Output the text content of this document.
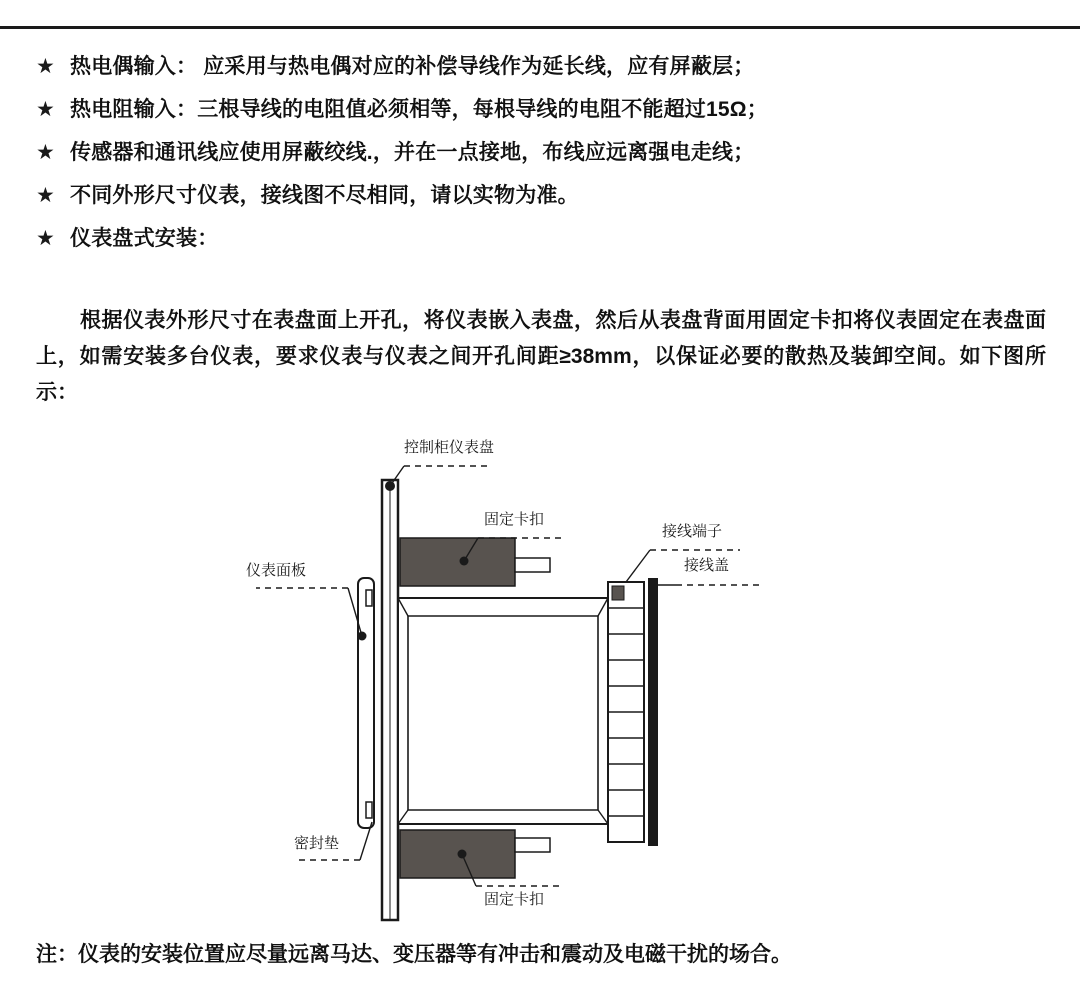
★ 热电偶输入： 应采用与热电偶对应的补偿导线作为延长线，应有屏蔽层；
★ 热电阻输入：三根导线的电阻值必须相等，每根导线的电阻不能超过15Ω；
★ 传感器和通讯线应使用屏蔽绞线.，并在一点接地，布线应远离强电走线；
★ 不同外形尺寸仪表，接线图不尽相同，请以实物为准。
★ 仪表盘式安装：
根据仪表外形尺寸在表盘面上开孔，将仪表嵌入表盘，然后从表盘背面用固定卡扣将仪表固定在表盘面上，如需安装多台仪表，要求仪表与仪表之间开孔间距≥38mm，以保证必要的散热及装卸空间。如下图所示：
控制柜仪表盘
固定卡扣
接线端子
接线盖
仪表面板
密封垫
固定卡扣
注：仪表的安装位置应尽量远离马达、变压器等有冲击和震动及电磁干扰的场合。
